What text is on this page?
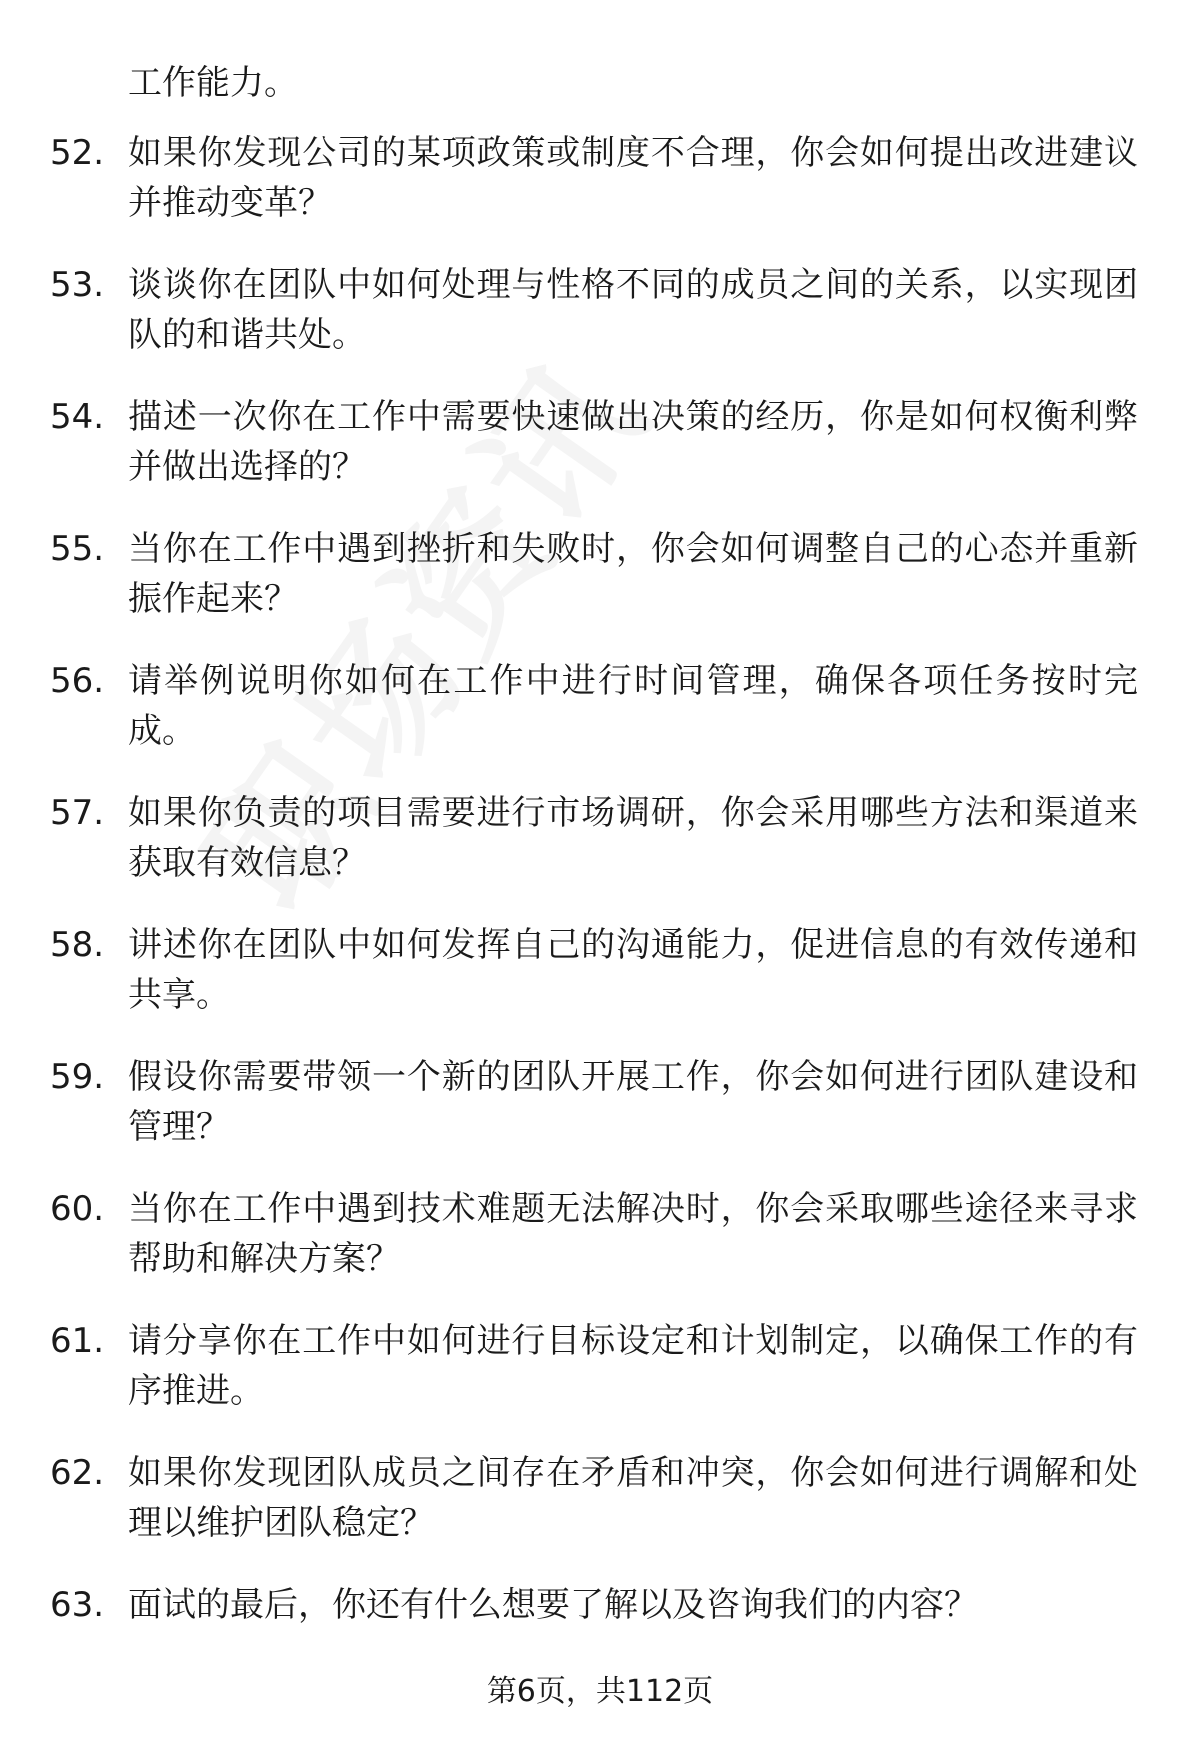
工作能力。
52. 如果你发现公司的某项政策或制度不合理，你会如何提出改进建议并推动变革？
53. 谈谈你在团队中如何处理与性格不同的成员之间的关系，以实现团队的和谐共处。
54. 描述一次你在工作中需要快速做出决策的经历，你是如何权衡利弊并做出选择的？
55. 当你在工作中遇到挫折和失败时，你会如何调整自己的心态并重新振作起来？
56. 请举例说明你如何在工作中进行时间管理，确保各项任务按时完成。
57. 如果你负责的项目需要进行市场调研，你会采用哪些方法和渠道来获取有效信息？
58. 讲述你在团队中如何发挥自己的沟通能力，促进信息的有效传递和共享。
59. 假设你需要带领一个新的团队开展工作，你会如何进行团队建设和管理？
60. 当你在工作中遇到技术难题无法解决时，你会采取哪些途径来寻求帮助和解决方案？
61. 请分享你在工作中如何进行目标设定和计划制定，以确保工作的有序推进。
62. 如果你发现团队成员之间存在矛盾和冲突，你会如何进行调解和处理以维护团队稳定？
63. 面试的最后，你还有什么想要了解以及咨询我们的内容？
第6页，共112页
